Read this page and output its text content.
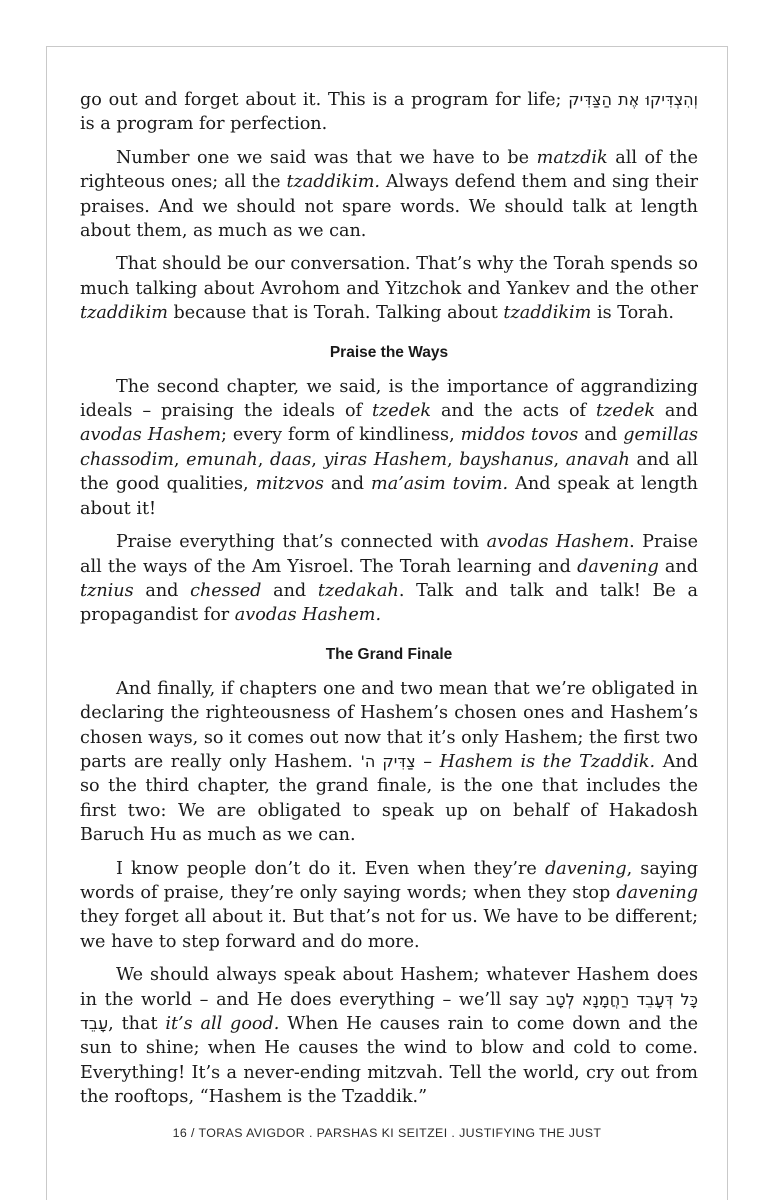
go out and forget about it. This is a program for life; וְהִצְדִּיקוּ אֶת הַצַּדִּיק is a program for perfection.

Number one we said was that we have to be matzdik all of the righteous ones; all the tzaddikim. Always defend them and sing their praises. And we should not spare words. We should talk at length about them, as much as we can.

That should be our conversation. That’s why the Torah spends so much talking about Avrohom and Yitzchok and Yankev and the other tzaddikim because that is Torah. Talking about tzaddikim is Torah.

Praise the Ways

The second chapter, we said, is the importance of aggrandizing ideals – praising the ideals of tzedek and the acts of tzedek and avodas Hashem; every form of kindliness, middos tovos and gemillas chassodim, emunah, daas, yiras Hashem, bayshanus, anavah and all the good qualities, mitzvos and ma’asim tovim. And speak at length about it!

Praise everything that’s connected with avodas Hashem. Praise all the ways of the Am Yisroel. The Torah learning and davening and tznius and chessed and tzedakah. Talk and talk and talk! Be a propagandist for avodas Hashem.

The Grand Finale

And finally, if chapters one and two mean that we’re obligated in declaring the righteousness of Hashem’s chosen ones and Hashem’s chosen ways, so it comes out now that it’s only Hashem; the first two parts are really only Hashem. צַדִּיק ה' – Hashem is the Tzaddik. And so the third chapter, the grand finale, is the one that includes the first two: We are obligated to speak up on behalf of Hakadosh Baruch Hu as much as we can.

I know people don’t do it. Even when they’re davening, saying words of praise, they’re only saying words; when they stop davening they forget all about it. But that’s not for us. We have to be different; we have to step forward and do more.

We should always speak about Hashem; whatever Hashem does in the world – and He does everything – we’ll say כָּל דְּעָבֵד רַחֲמָנָא לְטָב עָבֵד, that it’s all good. When He causes rain to come down and the sun to shine; when He causes the wind to blow and cold to come. Everything! It’s a never-ending mitzvah. Tell the world, cry out from the rooftops, “Hashem is the Tzaddik.”

16 / TORAS AVIGDOR . PARSHAS KI SEITZEI . JUSTIFYING THE JUST
